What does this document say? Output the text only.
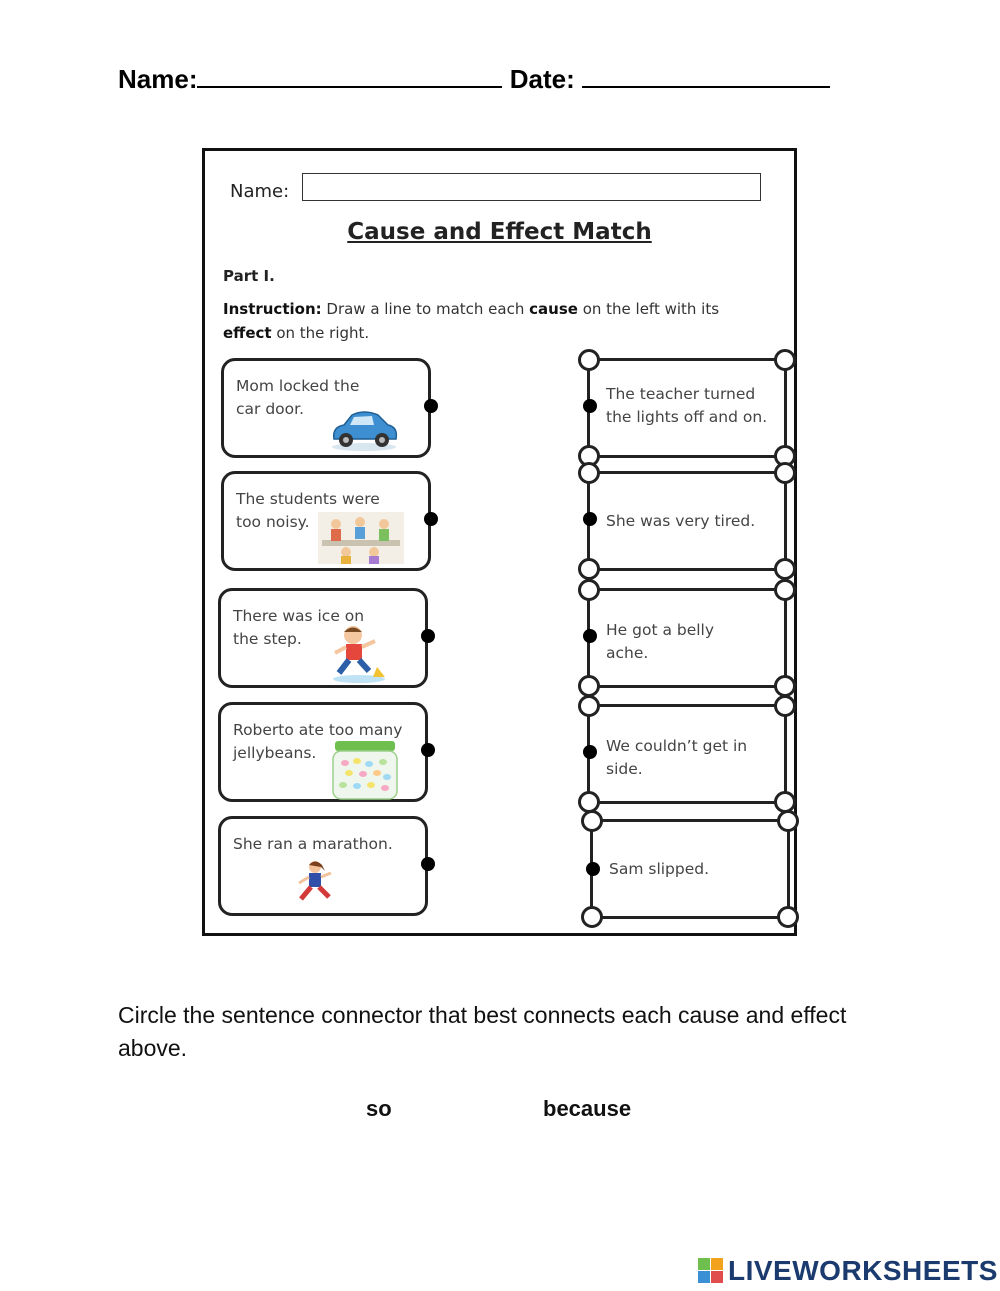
Name:	Date:
Name:
Cause and Effect Match
Part I.
Instruction: Draw a line to match each cause on the left with its effect on the right.
Mom locked the
car door.
The students were
too noisy.
There was ice on
the step.
Roberto ate too many
jellybeans.
She ran a marathon.
The teacher turned
the lights off and on.
She was very tired.
He got a belly
ache.
We couldn’t get in
side.
Sam slipped.
Circle the sentence connector that best connects each cause and effect above.
so	because
LIVEWORKSHEETS
